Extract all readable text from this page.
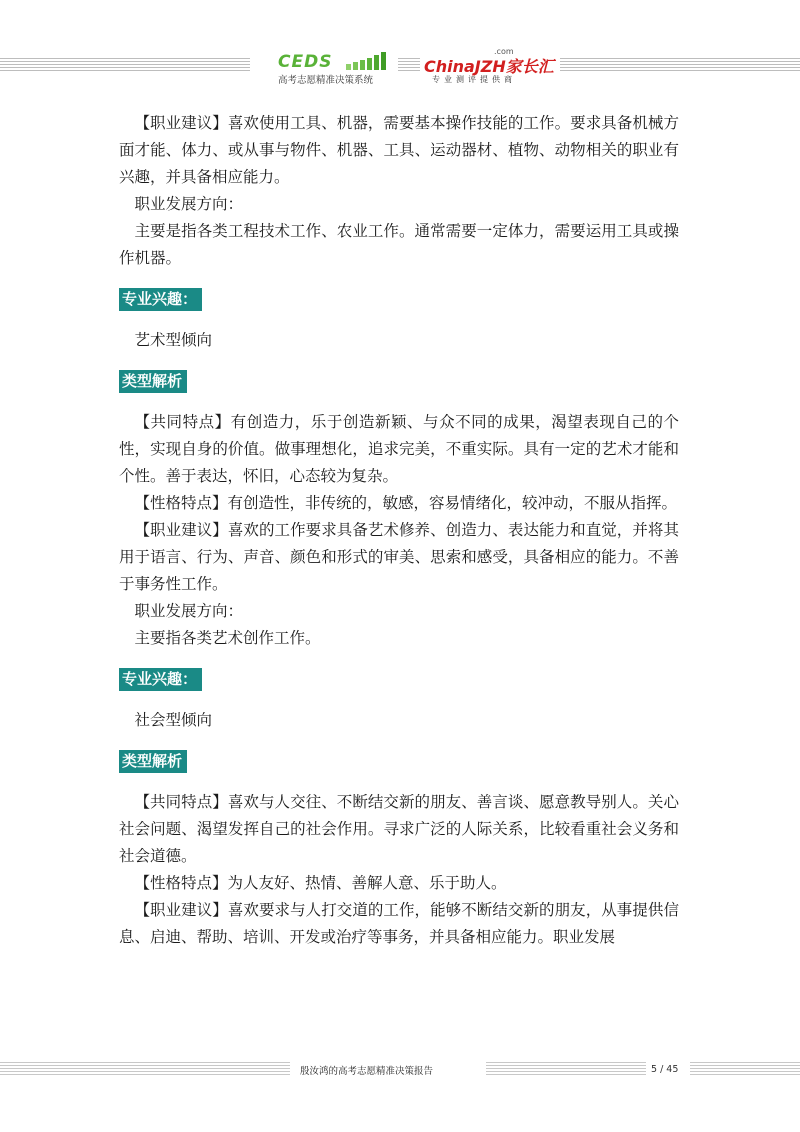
CEDS
高考志愿精准决策系统
.com
ChinaJZH家长汇
专业测评提供商

【职业建议】喜欢使用工具、机器，需要基本操作技能的工作。要求具备机械方面才能、体力、或从事与物件、机器、工具、运动器材、植物、动物相关的职业有兴趣，并具备相应能力。

职业发展方向：

主要是指各类工程技术工作、农业工作。通常需要一定体力，需要运用工具或操作机器。

专业兴趣：

艺术型倾向

类型解析

【共同特点】有创造力，乐于创造新颖、与众不同的成果，渴望表现自己的个性，实现自身的价值。做事理想化，追求完美，不重实际。具有一定的艺术才能和个性。善于表达，怀旧，心态较为复杂。

【性格特点】有创造性，非传统的，敏感，容易情绪化，较冲动，不服从指挥。

【职业建议】喜欢的工作要求具备艺术修养、创造力、表达能力和直觉，并将其用于语言、行为、声音、颜色和形式的审美、思索和感受，具备相应的能力。不善于事务性工作。

职业发展方向：

主要指各类艺术创作工作。

专业兴趣：

社会型倾向

类型解析

【共同特点】喜欢与人交往、不断结交新的朋友、善言谈、愿意教导别人。关心社会问题、渴望发挥自己的社会作用。寻求广泛的人际关系，比较看重社会义务和社会道德。

【性格特点】为人友好、热情、善解人意、乐于助人。

【职业建议】喜欢要求与人打交道的工作，能够不断结交新的朋友，从事提供信息、启迪、帮助、培训、开发或治疗等事务，并具备相应能力。职业发展

殷汝鸿的高考志愿精准决策报告	5 / 45
